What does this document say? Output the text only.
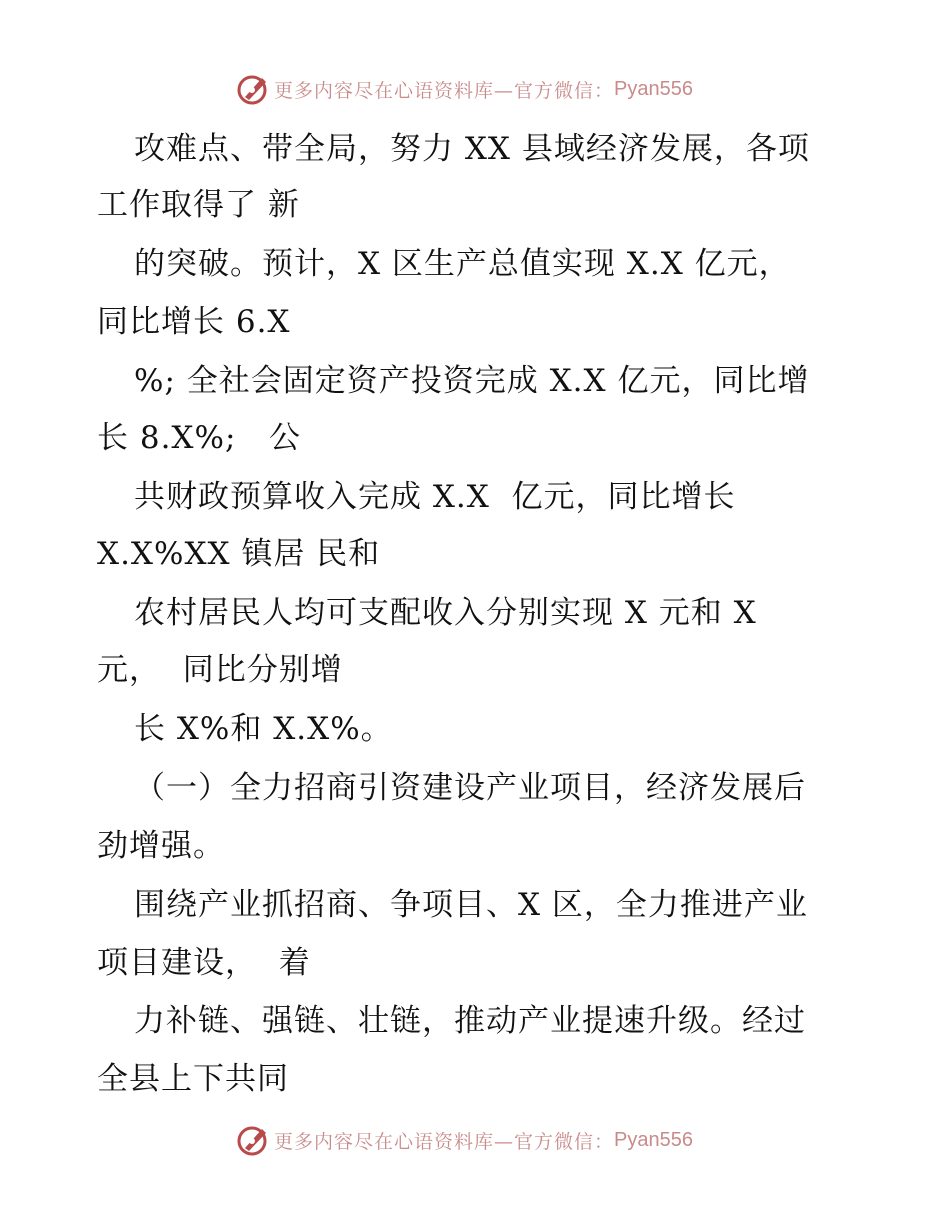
更多内容尽在心语资料库—官方微信： Pyan556
攻难点、带全局，努力 XX 县域经济发展，各项
工作取得了 新
的突破。预计，X 区生产总值实现 X.X 亿元，
同比增长 6.X
%; 全社会固定资产投资完成 X.X 亿元，同比增
长 8.X%;   公
共财政预算收入完成 X.X  亿元，同比增长
X.X%XX 镇居 民和
农村居民人均可支配收入分别实现 X 元和 X
元，  同比分别增
长 X%和 X.X%。
（一）全力招商引资建设产业项目，经济发展后
劲增强。
围绕产业抓招商、争项目、X 区，全力推进产业
项目建设，  着
力补链、强链、壮链，推动产业提速升级。经过
全县上下共同
更多内容尽在心语资料库—官方微信： Pyan556
